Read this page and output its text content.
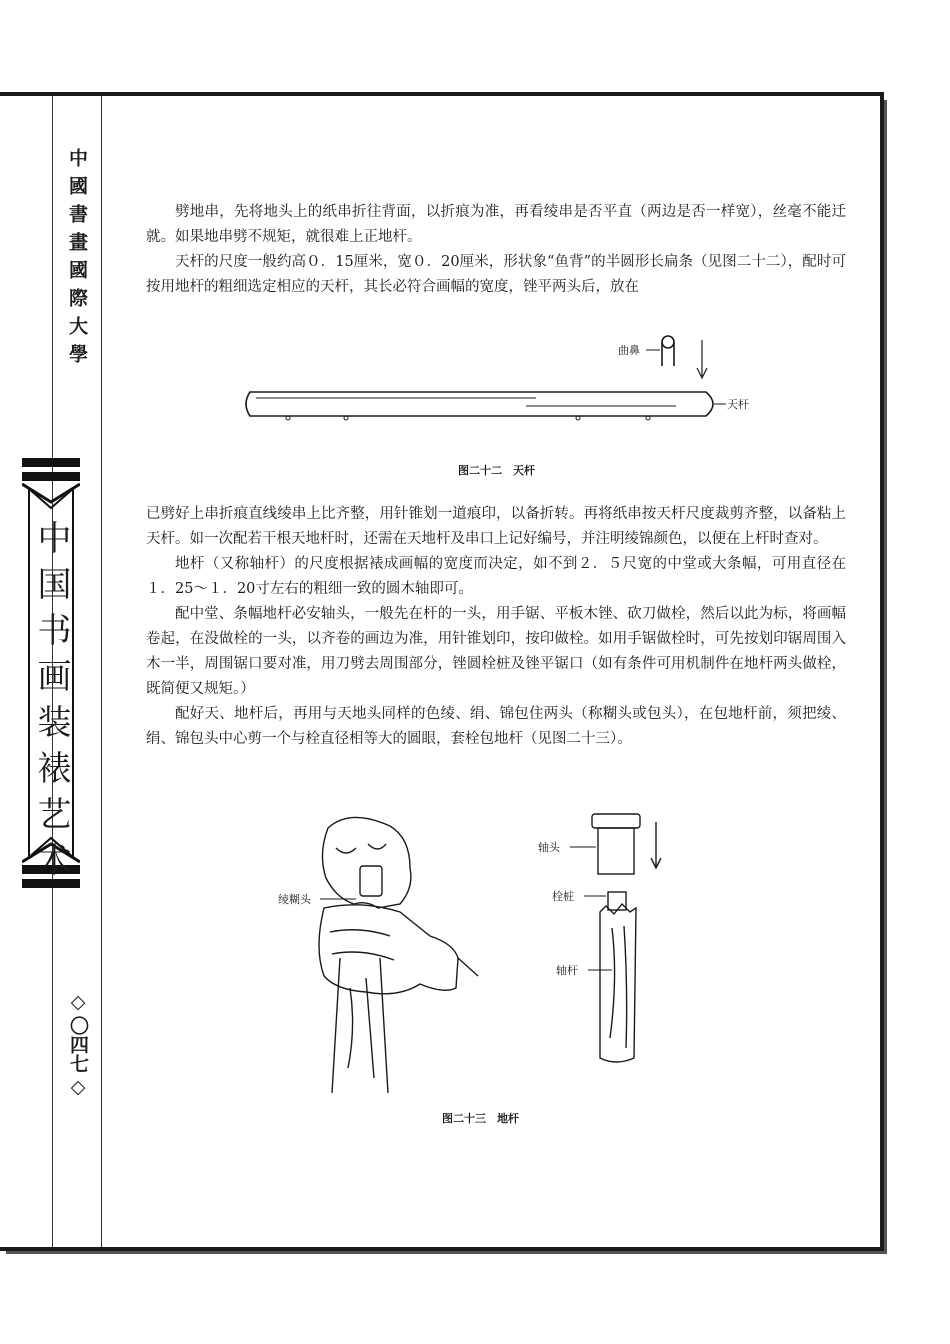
中國書畫國際大學
中国书画装裱艺术
◇
〇四七
◇

劈地串，先将地头上的纸串折往背面，以折痕为准，再看绫串是否平直（两边是否一样宽），丝毫不能迁就。如果地串劈不规矩，就很难上正地杆。

天杆的尺度一般约高０．15厘米，宽０．20厘米，形状象“鱼背”的半圆形长扁条（见图二十二），配时可按用地杆的粗细选定相应的天杆，其长必符合画幅的宽度，锉平两头后，放在

曲鼻
天杆
图二十二　天杆

已劈好上串折痕直线绫串上比齐整，用针锥划一道痕印，以备折转。再将纸串按天杆尺度裁剪齐整，以备粘上天杆。如一次配若干根天地杆时，还需在天地杆及串口上记好编号，并注明绫锦颜色，以便在上杆时查对。

地杆（又称轴杆）的尺度根据裱成画幅的宽度而决定，如不到２．５尺宽的中堂或大条幅，可用直径在１．25～１．20寸左右的粗细一致的圆木轴即可。

配中堂、条幅地杆必安轴头，一般先在杆的一头，用手锯、平板木锉、砍刀做栓，然后以此为标，将画幅卷起，在没做栓的一头，以齐卷的画边为准，用针锥划印，按印做栓。如用手锯做栓时，可先按划印锯周围入木一半，周围锯口要对准，用刀劈去周围部分，锉圆栓桩及锉平锯口（如有条件可用机制件在地杆两头做栓，既简便又规矩。）

配好天、地杆后，再用与天地头同样的色绫、绢、锦包住两头（称糊头或包头），在包地杆前，须把绫、绢、锦包头中心剪一个与栓直径相等大的圆眼，套栓包地杆（见图二十三）。

绫糊头
轴头
栓桩
轴杆
图二十三　地杆
